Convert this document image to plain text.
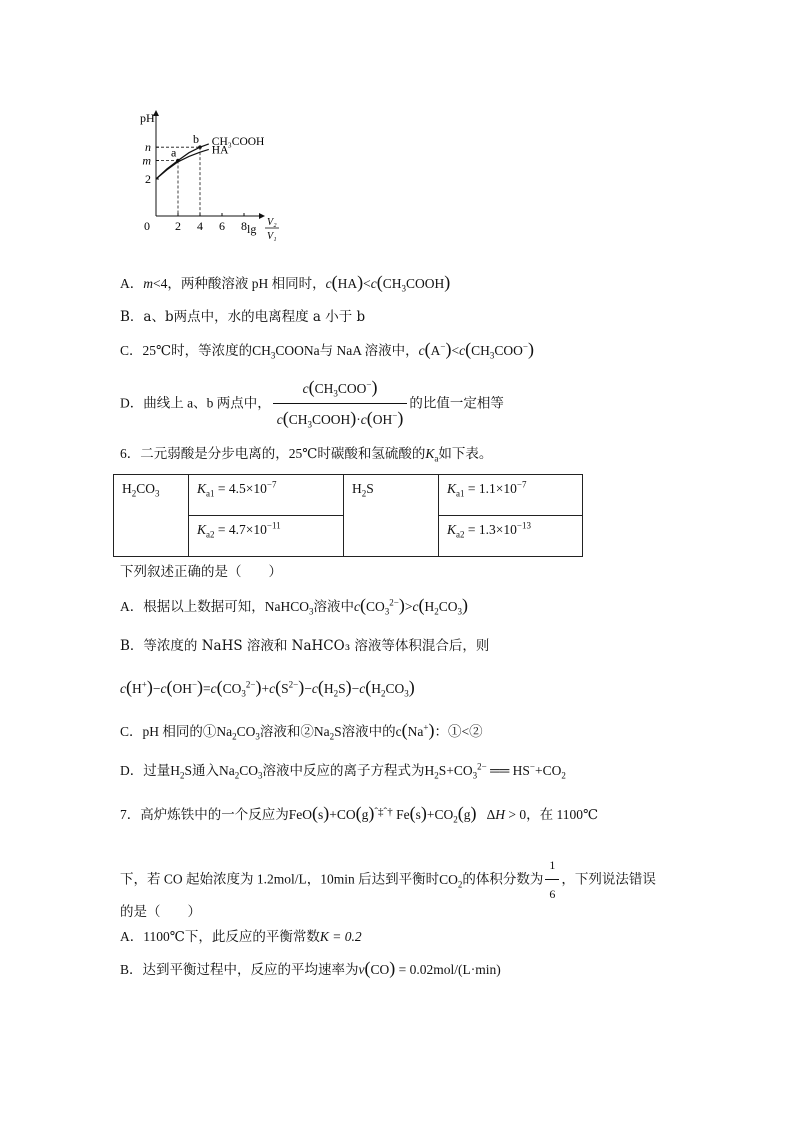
0 2 4 6 8
2
m
n
pH
lg V₂
V₁
CH₃COOH
HA
a
b
A．m<4，两种酸溶液 pH 相同时，$c(HA)<c(CH_3COOH)$
B．a、b两点中，水的电离程度 a 小于 b
C．25℃时，等浓度的$CH_3COONa$与 NaA 溶液中，$c(A^-)<c(CH_3COO^-)$
D．曲线上 a、b 两点中， $\frac{c(CH_3COO^-)}{c(CH_3COOH)\cdot c(OH^-)}$ 的比值一定相等
6．二元弱酸是分步电离的，25℃时碳酸和氢硫酸的$K_a$如下表。
$H_2CO_3$	$K_{a1} = 4.5\times 10^{-7}$	$H_2S$	$K_{a1} = 1.1\times 10^{-7}$
	$K_{a2} = 4.7\times 10^{-11}$		$K_{a2} = 1.3\times 10^{-13}$
下列叙述正确的是（　　）
A．根据以上数据可知，NaHCO$_3$溶液中$c(CO_3^{2-})>c(H_2CO_3)$
B．等浓度的 NaHS 溶液和 NaHCO₃ 溶液等体积混合后，则
$c(H^+)-c(OH^-)=c(CO_3^{2-})+c(S^{2-})-c(H_2S)-c(H_2CO_3)$
C．pH 相同的$①Na_2CO_3$溶液和$②Na_2S$溶液中的c(Na+)：①<②
D．过量$H_2S$通入$Na_2CO_3$溶液中反应的离子方程式为$H_2S+CO_3^{2-}$ ══ $HS^-+CO_2$
7．高炉炼铁中的一个反应为$FeO(s)+CO(g)^{ˆ\ddagger ˆ\dagger}$ $Fe(s)+CO_2(g) \Delta H > 0$，在 1100℃
下，若 CO 起始浓度为 1.2mol/L，10min 后达到平衡时$CO_2$的体积分数为 $\frac{1}{6}$ ，下列说法错误
的是（　　）
A．1100℃下，此反应的平衡常数K = 0.2
B．达到平衡过程中，反应的平均速率为v(CO) = 0.02mol/(L·min)
